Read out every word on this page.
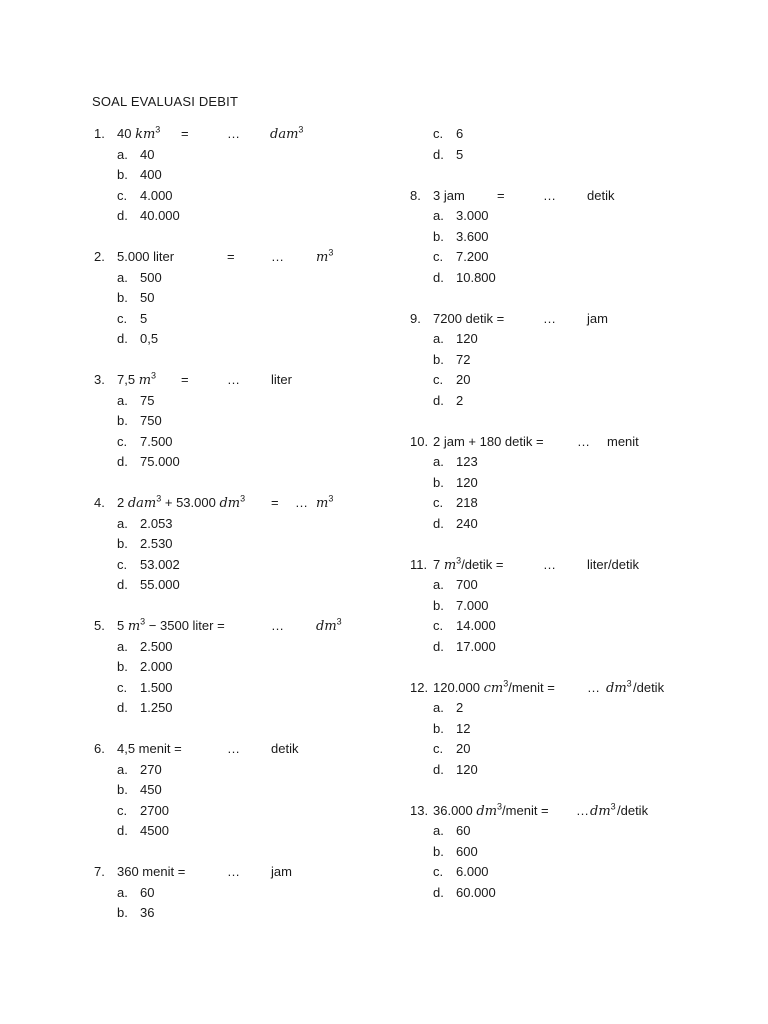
SOAL EVALUASI DEBIT
1. 40 $km^3$ =	… dam$^3$
a. 40
b. 400
c. 4.000
d. 40.000
2. 5.000 liter	=	… $m^3$
a. 500
b. 50
c. 5
d. 0,5
3. 7,5 $m^3$ =	… liter
a. 75
b. 750
c. 7.500
d. 75.000
4. 2 dam$^3$ + 53.000 $dm^3$ = … $m^3$
a. 2.053
b. 2.530
c. 53.002
d. 55.000
5. 5 $m^3 - 3500$ liter =	… $dm^3$
a. 2.500
b. 2.000
c. 1.500
d. 1.250
6. 4,5 menit =	… detik
a. 270
b. 450
c. 2700
d. 4500
7. 360 menit =	… jam
a. 60
b. 36
c. 6
d. 5
8. 3 jam =	… detik
a. 3.000
b. 3.600
c. 7.200
d. 10.800
9. 7200 detik =	… jam
a. 120
b. 72
c. 20
d. 2
10. 2 jam + 180 detik =	… menit
a. 123
b. 120
c. 218
d. 240
11. 7 $m^3$/detik =	… liter/detik
a. 700
b. 7.000
c. 14.000
d. 17.000
12. 120.000 $cm^3$/menit = … $dm^3$ /detik
a. 2
b. 12
c. 20
d. 120
13. 36.000 $dm^3$/menit = … $dm^3$ /detik
a. 60
b. 600
c. 6.000
d. 60.000
